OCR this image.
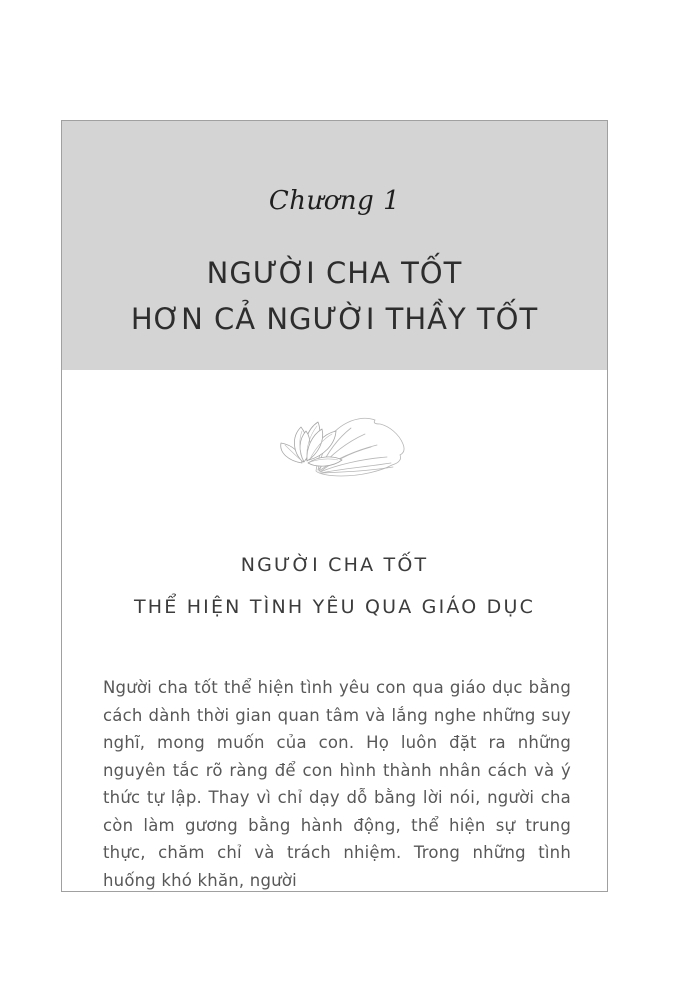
Chương 1
NGƯỜI CHA TỐT
HƠN CẢ NGƯỜI THẦY TỐT
NGƯỜI CHA TỐT
THỂ HIỆN TÌNH YÊU QUA GIÁO DỤC
Người cha tốt thể hiện tình yêu con qua giáo dục bằng cách dành thời gian quan tâm và lắng nghe những suy nghĩ, mong muốn của con. Họ luôn đặt ra những nguyên tắc rõ ràng để con hình thành nhân cách và ý thức tự lập. Thay vì chỉ dạy dỗ bằng lời nói, người cha còn làm gương bằng hành động, thể hiện sự trung thực, chăm chỉ và trách nhiệm. Trong những tình huống khó khăn, người
